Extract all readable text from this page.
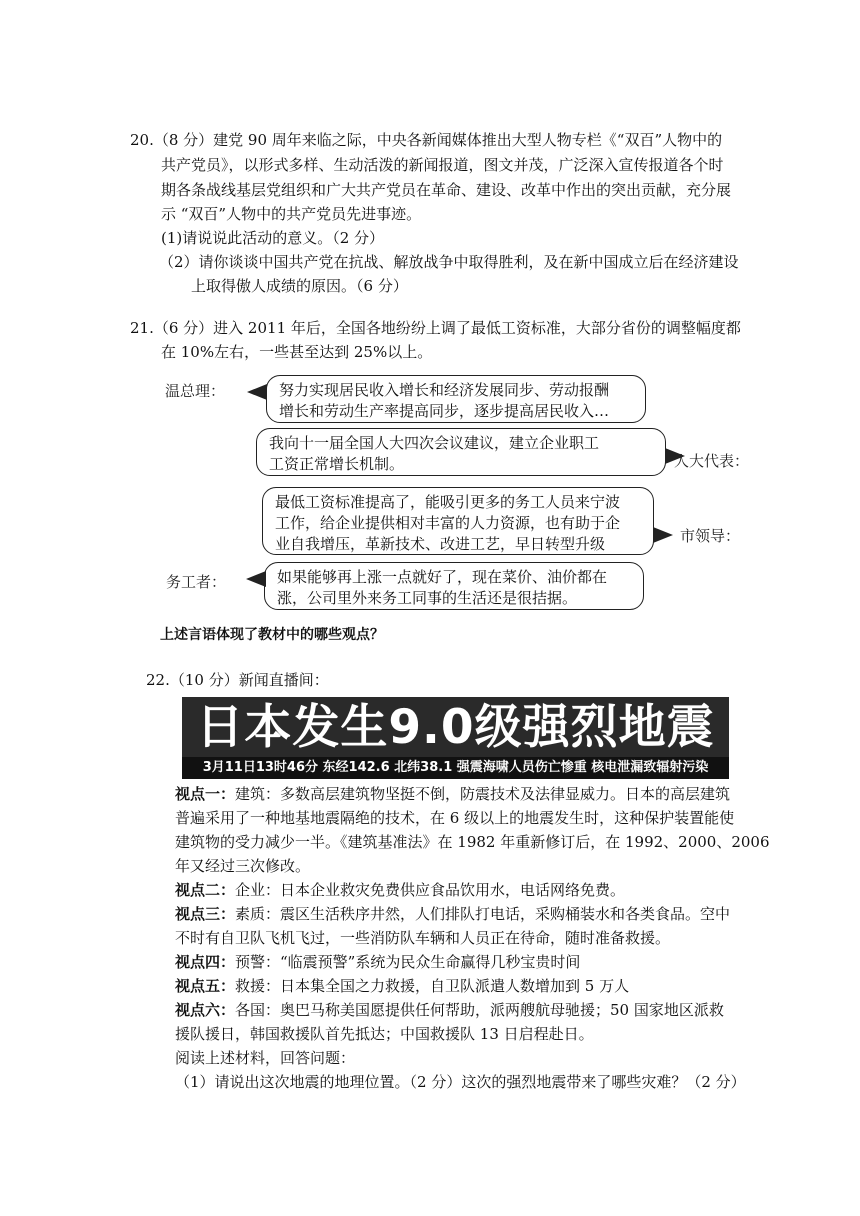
20.（8 分）建党 90 周年来临之际，中央各新闻媒体推出大型人物专栏《“双百”人物中的
共产党员》，以形式多样、生动活泼的新闻报道，图文并茂，广泛深入宣传报道各个时
期各条战线基层党组织和广大共产党员在革命、建设、改革中作出的突出贡献，充分展
示 “双百”人物中的共产党员先进事迹。
(1)请说说此活动的意义。（2 分）
（2）请你谈谈中国共产党在抗战、解放战争中取得胜利，及在新中国成立后在经济建设
上取得傲人成绩的原因。（6 分）
21.（6 分）进入 2011 年后，全国各地纷纷上调了最低工资标准，大部分省份的调整幅度都
在 10%左右，一些甚至达到 25%以上。
温总理：	努力实现居民收入增长和经济发展同步、劳动报酬
增长和劳动生产率提高同步，逐步提高居民收入…
我向十一届全国人大四次会议建议，建立企业职工
工资正常增长机制。	人大代表：
最低工资标准提高了，能吸引更多的务工人员来宁波
工作，给企业提供相对丰富的人力资源，也有助于企
业自我增压，革新技术、改进工艺，早日转型升级	市领导：
务工者：	如果能够再上涨一点就好了，现在菜价、油价都在
涨，公司里外来务工同事的生活还是很拮据。
上述言语体现了教材中的哪些观点？
22.（10 分）新闻直播间：
日本发生9.0级强烈地震
3月11日13时46分 东经142.6 北纬38.1 强震海啸人员伤亡惨重 核电泄漏致辐射污染
视点一：建筑：多数高层建筑物坚挺不倒，防震技术及法律显威力。日本的高层建筑
普遍采用了一种地基地震隔绝的技术，在 6 级以上的地震发生时，这种保护装置能使
建筑物的受力减少一半。《建筑基准法》在 1982 年重新修订后，在 1992、2000、2006
年又经过三次修改。
视点二：企业：日本企业救灾免费供应食品饮用水，电话网络免费。
视点三：素质：震区生活秩序井然，人们排队打电话，采购桶装水和各类食品。空中
不时有自卫队飞机飞过，一些消防队车辆和人员正在待命，随时准备救援。
视点四：预警：“临震预警”系统为民众生命赢得几秒宝贵时间
视点五：救援：日本集全国之力救援，自卫队派遣人数增加到 5 万人
视点六：各国：奥巴马称美国愿提供任何帮助，派两艘航母驰援；50 国家地区派救
援队援日，韩国救援队首先抵达；中国救援队 13 日启程赴日。
阅读上述材料，回答问题：
（1）请说出这次地震的地理位置。（2 分）这次的强烈地震带来了哪些灾难？（2 分）
